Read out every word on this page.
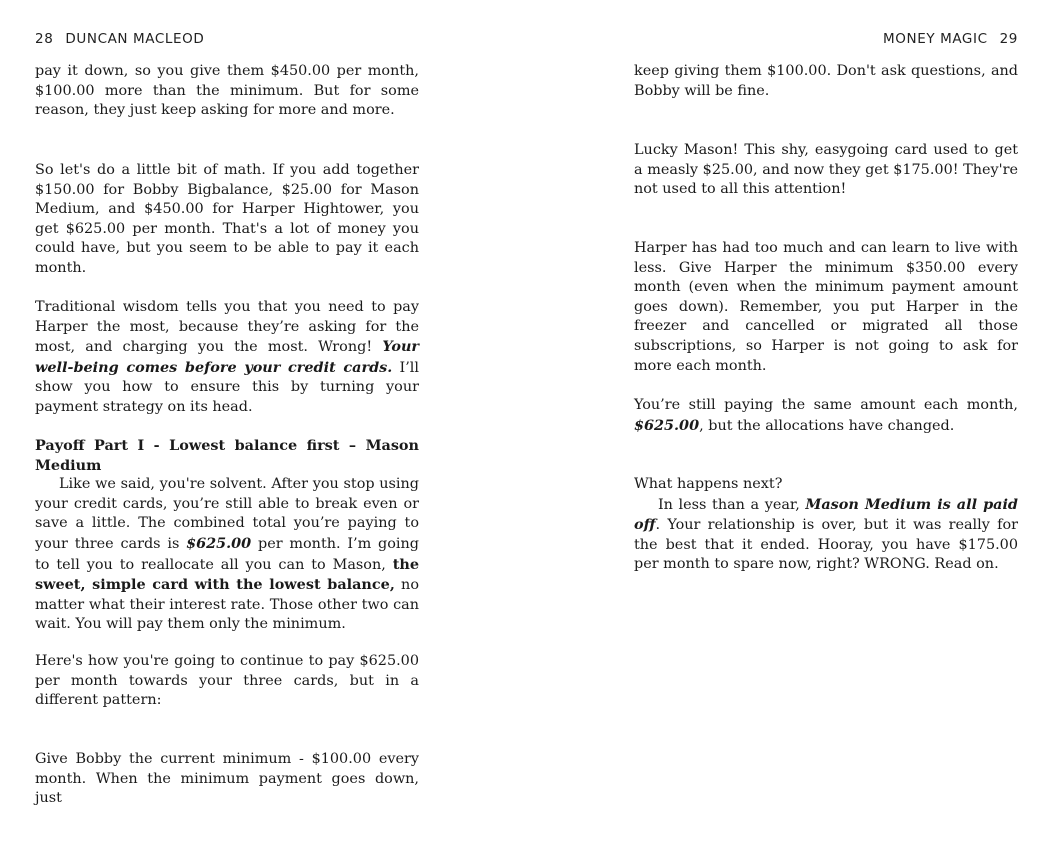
28 DUNCAN MACLEOD	MONEY MAGIC 29

pay it down, so you give them $450.00 per month, $100.00 more than the minimum. But for some reason, they just keep asking for more and more.

So let's do a little bit of math. If you add together $150.00 for Bobby Bigbalance, $25.00 for Mason Medium, and $450.00 for Harper Hightower, you get $625.00 per month. That's a lot of money you could have, but you seem to be able to pay it each month.

Traditional wisdom tells you that you need to pay Harper the most, because they’re asking for the most, and charging you the most. Wrong! Your well-being comes before your credit cards. I’ll show you how to ensure this by turning your payment strategy on its head.

Payoff Part I - Lowest balance first – Mason Medium
Like we said, you're solvent. After you stop using your credit cards, you’re still able to break even or save a little. The combined total you’re paying to your three cards is $625.00 per month. I’m going to tell you to reallocate all you can to Mason, the sweet, simple card with the lowest balance, no matter what their interest rate. Those other two can wait. You will pay them only the minimum.

Here's how you're going to continue to pay $625.00 per month towards your three cards, but in a different pattern:

Give Bobby the current minimum - $100.00 every month. When the minimum payment goes down, just

keep giving them $100.00. Don't ask questions, and Bobby will be fine.

Lucky Mason! This shy, easygoing card used to get a measly $25.00, and now they get $175.00! They're not used to all this attention!

Harper has had too much and can learn to live with less. Give Harper the minimum $350.00 every month (even when the minimum payment amount goes down). Remember, you put Harper in the freezer and cancelled or migrated all those subscriptions, so Harper is not going to ask for more each month.

You’re still paying the same amount each month, $625.00, but the allocations have changed.

What happens next?
In less than a year, Mason Medium is all paid off. Your relationship is over, but it was really for the best that it ended. Hooray, you have $175.00 per month to spare now, right? WRONG. Read on.
